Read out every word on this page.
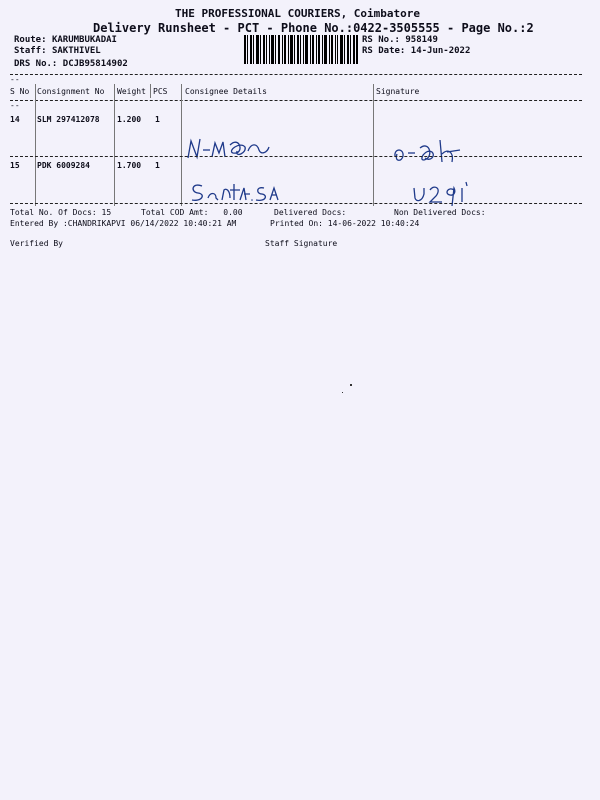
THE PROFESSIONAL COURIERS, Coimbatore
Delivery Runsheet - PCT - Phone No.:0422-3505555 - Page No.:2
Route: KARUMBUKADAI
Staff: SAKTHIVEL
DRS No.: DCJB95814902
RS No.: 958149
RS Date: 14-Jun-2022
--
--
S No Consignment No Weight PCS Consignee Details	Signature
14 SLM 297412078 1.200 1
15 PDK 6009284	1.700 1
Total No. Of Docs: 15	Total COD Amt: 0.00	Delivered Docs:	Non Delivered Docs:
Entered By :CHANDRIKAPVI 06/14/2022 10:40:21 AM	Printed On: 14-06-2022 10:40:24
Verified By	Staff Signature
